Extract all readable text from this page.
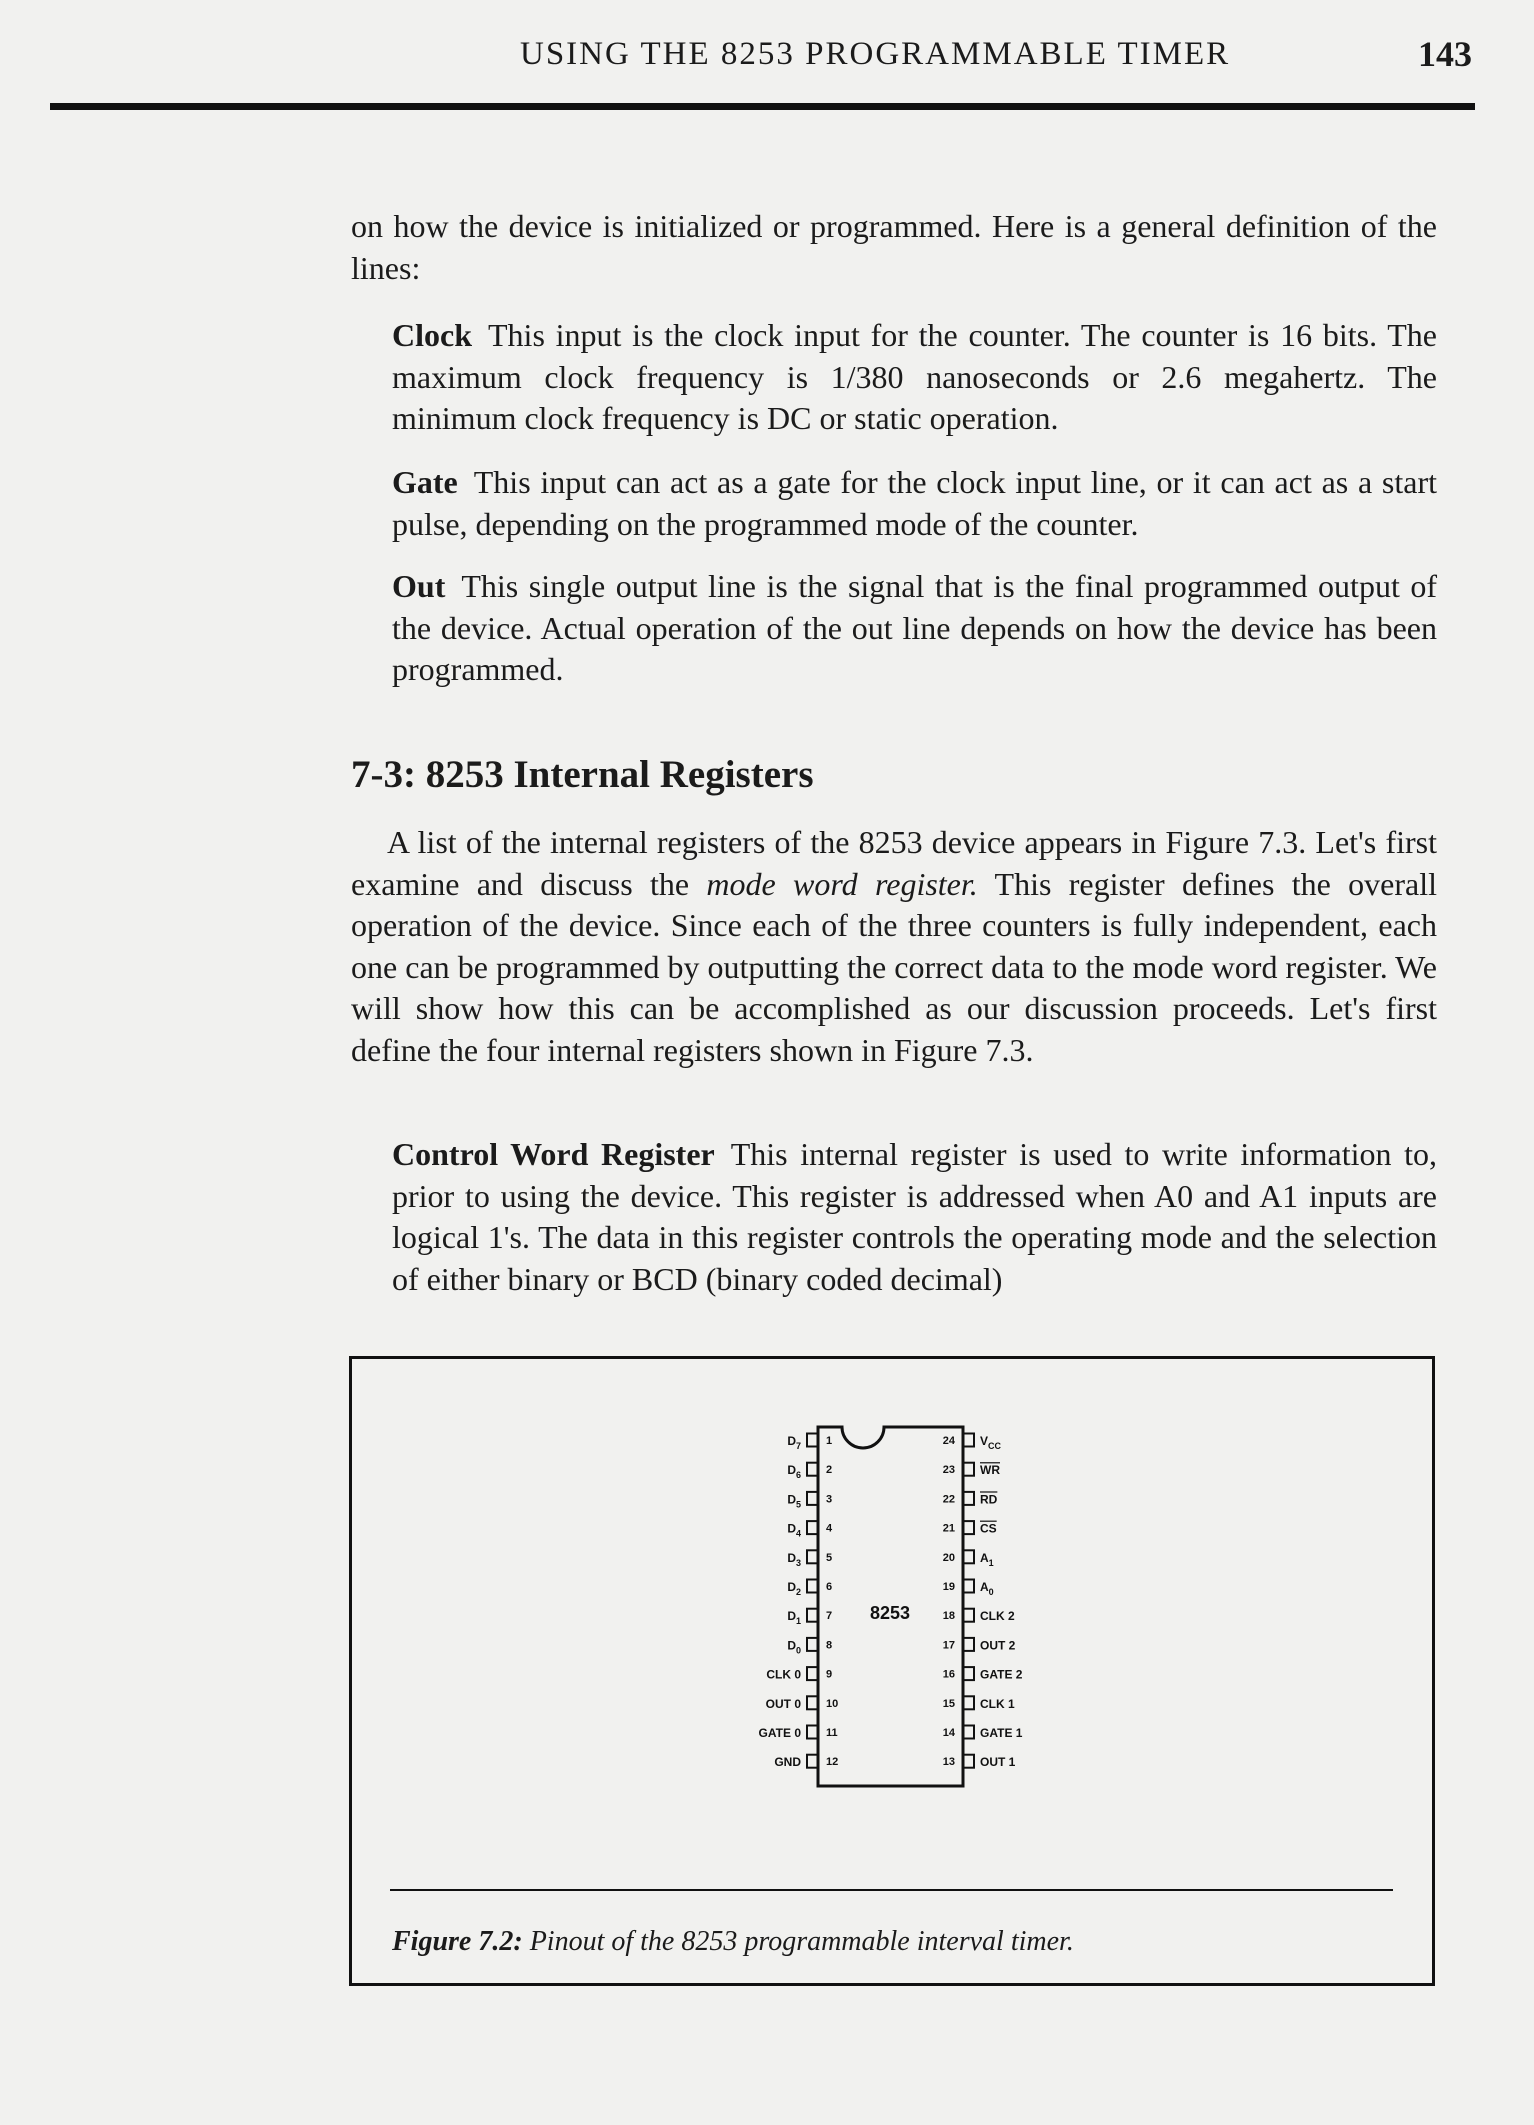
USING THE 8253 PROGRAMMABLE TIMER	143
on how the device is initialized or programmed. Here is a general definition of the lines:
Clock This input is the clock input for the counter. The counter is 16 bits. The maximum clock frequency is 1/380 nanoseconds or 2.6 megahertz. The minimum clock frequency is DC or static operation.
Gate This input can act as a gate for the clock input line, or it can act as a start pulse, depending on the programmed mode of the counter.
Out This single output line is the signal that is the final programmed output of the device. Actual operation of the out line depends on how the device has been programmed.
7-3: 8253 Internal Registers
A list of the internal registers of the 8253 device appears in Figure 7.3. Let's first examine and discuss the mode word register. This register defines the overall operation of the device. Since each of the three counters is fully independent, each one can be programmed by outputting the correct data to the mode word register. We will show how this can be accomplished as our discussion proceeds. Let's first define the four internal registers shown in Figure 7.3.
Control Word Register This internal register is used to write information to, prior to using the device. This register is addressed when A0 and A1 inputs are logical 1's. The data in this register controls the operating mode and the selection of either binary or BCD (binary coded decimal)
8253
1
$D_7$
2
$D_6$
3
$D_5$
4
$D_4$
5
$D_3$
6
$D_2$
7
$D_1$
8
$D_0$
9
CLK 0
10
OUT 0
11
GATE 0
12
GND
24 $V_{CC}$
23 WR
22 RD
21 CS
20 $A_1$
19 $A_0$
18 CLK 2
17 OUT 2
16 GATE 2
15 CLK 1
14 GATE 1
13 OUT 1
Figure 7.2: Pinout of the 8253 programmable interval timer.
